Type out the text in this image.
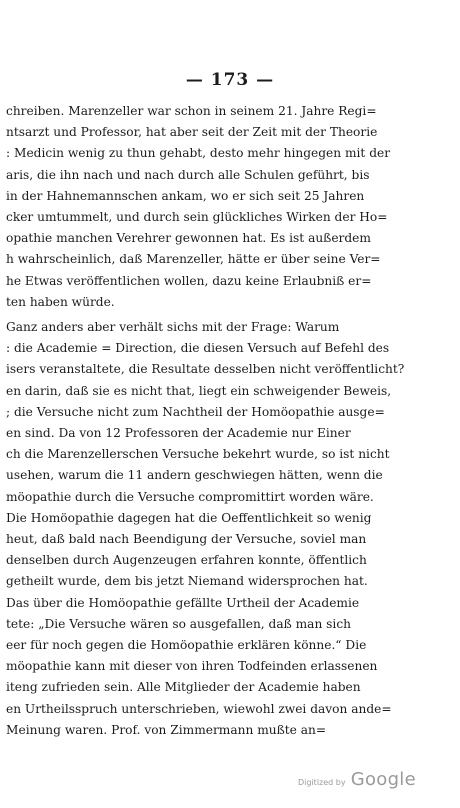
— 173 —
chreiben. Marenzeller war schon in seinem 21. Jahre Regi=
ntsarzt und Professor, hat aber seit der Zeit mit der Theorie
: Medicin wenig zu thun gehabt, desto mehr hingegen mit der
aris, die ihn nach und nach durch alle Schulen geführt, bis
in der Hahnemannschen ankam, wo er sich seit 25 Jahren
cker umtummelt, und durch sein glückliches Wirken der Ho=
opathie manchen Verehrer gewonnen hat. Es ist außerdem
h wahrscheinlich, daß Marenzeller, hätte er über seine Ver=
he Etwas veröffentlichen wollen, dazu keine Erlaubniß er=
ten haben würde.
Ganz anders aber verhält sichs mit der Frage: Warum
: die Academie = Direction, die diesen Versuch auf Befehl des
isers veranstaltete, die Resultate desselben nicht veröffentlicht?
en darin, daß sie es nicht that, liegt ein schweigender Beweis,
; die Versuche nicht zum Nachtheil der Homöopathie ausge=
en sind. Da von 12 Professoren der Academie nur Einer
ch die Marenzellerschen Versuche bekehrt wurde, so ist nicht
usehen, warum die 11 andern geschwiegen hätten, wenn die
möopathie durch die Versuche compromittirt worden wäre.
Die Homöopathie dagegen hat die Oeffentlichkeit so wenig
heut, daß bald nach Beendigung der Versuche, soviel man
denselben durch Augenzeugen erfahren konnte, öffentlich
getheilt wurde, dem bis jetzt Niemand widersprochen hat.
Das über die Homöopathie gefällte Urtheil der Academie
tete: „Die Versuche wären so ausgefallen, daß man sich
eer für noch gegen die Homöopathie erklären könne.“ Die
möopathie kann mit dieser von ihren Todfeinden erlassenen
iteng zufrieden sein. Alle Mitglieder der Academie haben
en Urtheilsspruch unterschrieben, wiewohl zwei davon ande=
Meinung waren. Prof. von Zimmermann mußte an=
Digitized by Google
